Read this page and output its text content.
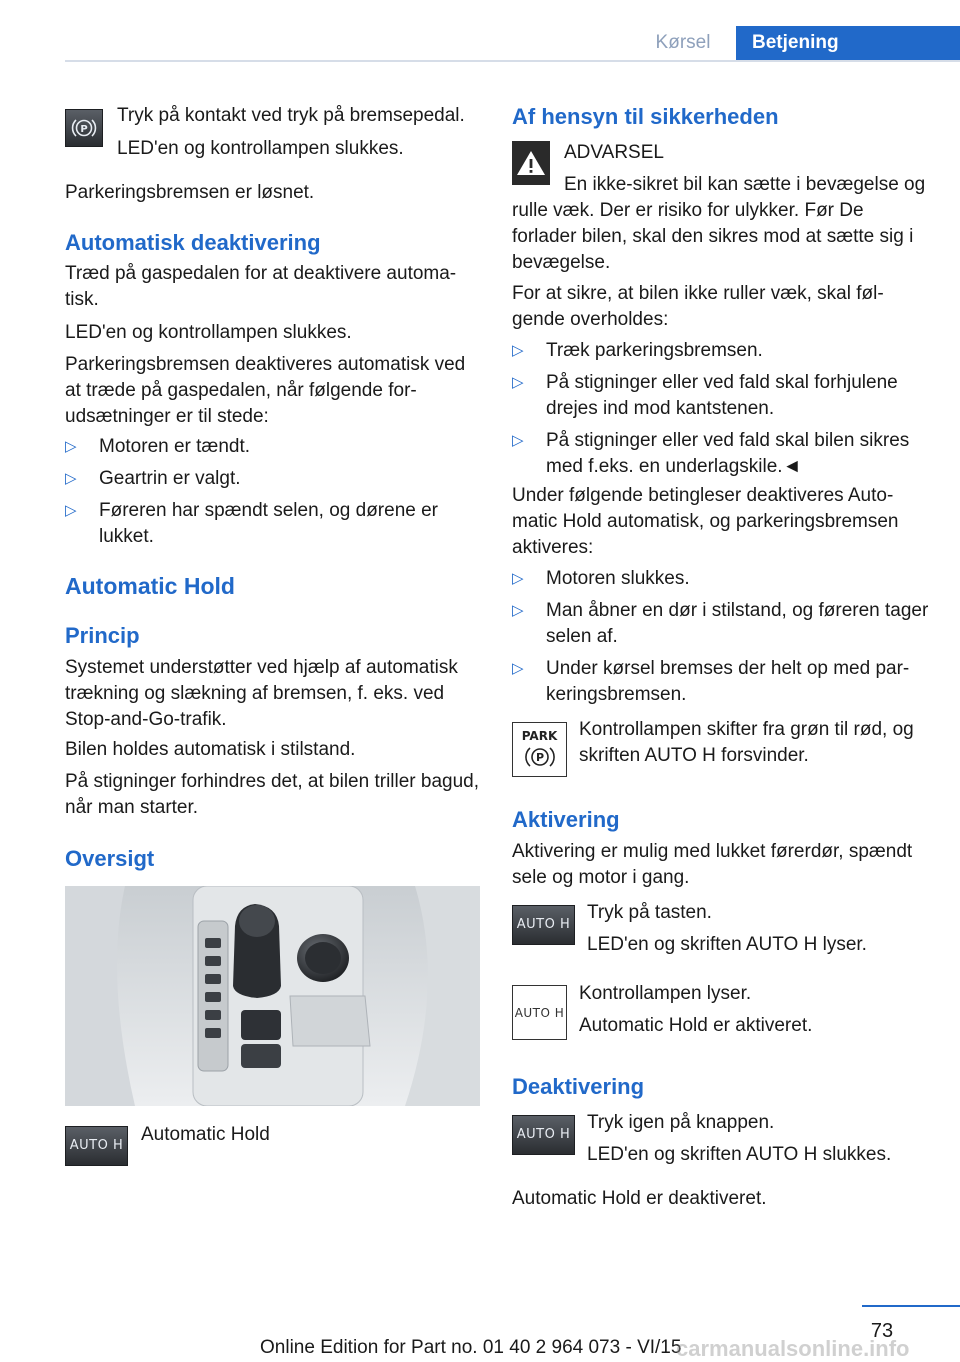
Kørsel	Betjening
P

Tryk på kontakt ved tryk på bremsepedal.

LED'en og kontrollampen slukkes.

Parkeringsbremsen er løsnet.

Automatisk deaktivering

Træd på gaspedalen for at deaktivere automa‐tisk.

LED'en og kontrollampen slukkes.

Parkeringsbremsen deaktiveres automatisk ved at træde på gaspedalen, når følgende for‐udsætninger er til stede:

▷ Motoren er tændt.
▷ Geartrin er valgt.
▷ Føreren har spændt selen, og dørene er lukket.
Automatic Hold
Princip

Systemet understøtter ved hjælp af automatisk trækning og slækning af bremsen, f. eks. ved Stop-and-Go-trafik.

Bilen holdes automatisk i stilstand.

På stigninger forhindres det, at bilen triller bagud, når man starter.

Oversigt
AUTO H

Automatic Hold

Af hensyn til sikkerheden

ADVARSEL

En ikke-sikret bil kan sætte i bevægelse og rulle væk. Der er risiko for ulykker. Før De forlader bilen, skal den sikres mod at sætte sig i bevægelse.

For at sikre, at bilen ikke ruller væk, skal føl‐gende overholdes:

▷ Træk parkeringsbremsen.
▷ På stigninger eller ved fald skal forhjulene drejes ind mod kantstenen.
▷ På stigninger eller ved fald skal bilen sikres med f.eks. en underlagskile.◄

Under følgende betingleser deaktiveres Auto‐matic Hold automatisk, og parkeringsbremsen aktiveres:

▷ Motoren slukkes.
▷ Man åbner en dør i stilstand, og føreren tager selen af.
▷ Under kørsel bremses der helt op med par‐keringsbremsen.
PARK
P

Kontrollampen skifter fra grøn til rød, og skriften AUTO H forsvinder.

Aktivering

Aktivering er mulig med lukket førerdør, spændt sele og motor i gang.

AUTO H

Tryk på tasten.

LED'en og skriften AUTO H lyser.

AUTO H

Kontrollampen lyser.

Automatic Hold er aktiveret.

Deaktivering
AUTO H

Tryk igen på knappen.

LED'en og skriften AUTO H slukkes.

Automatic Hold er deaktiveret.

73
Online Edition for Part no. 01 40 2 964 073 - VI/15
carmanualsonline.info
